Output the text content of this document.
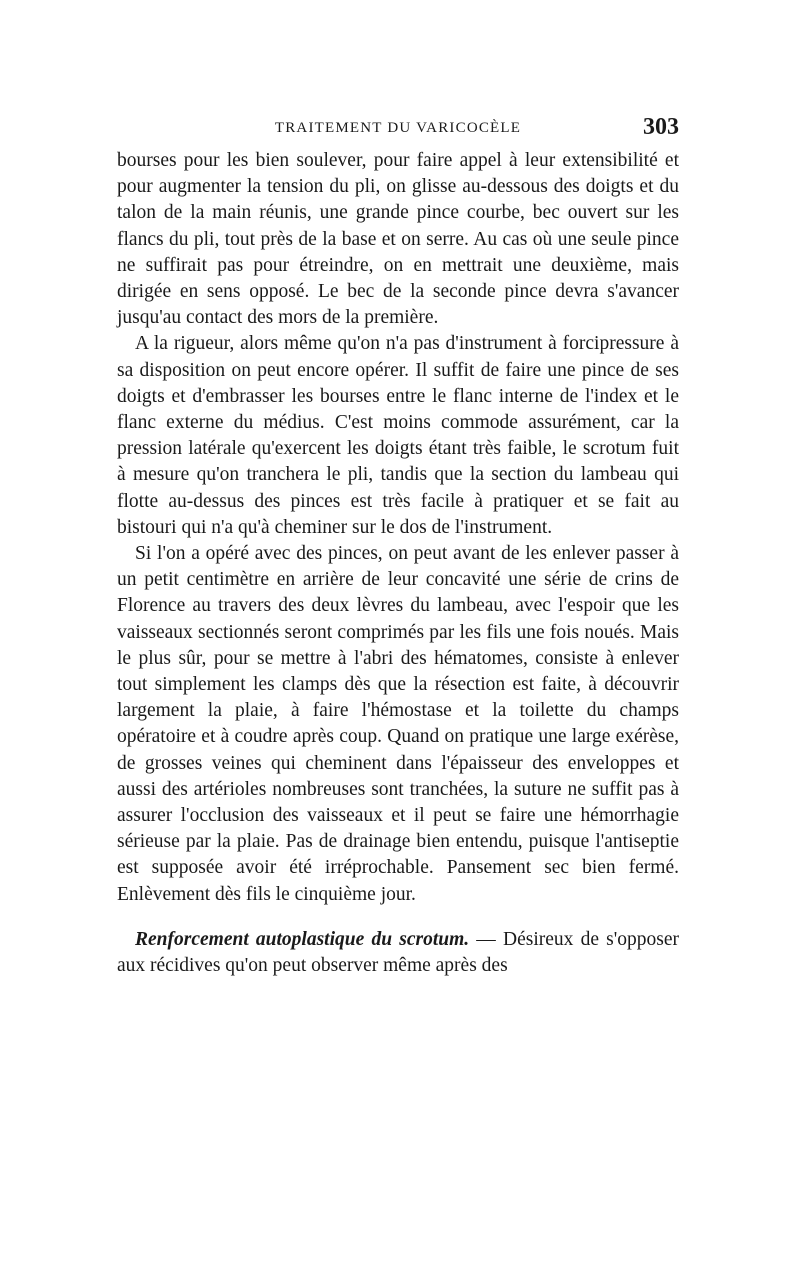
TRAITEMENT DU VARICOCÈLE	303

bourses pour les bien soulever, pour faire appel à leur extensibilité et pour augmenter la tension du pli, on glisse au-dessous des doigts et du talon de la main réunis, une grande pince courbe, bec ouvert sur les flancs du pli, tout près de la base et on serre. Au cas où une seule pince ne suffirait pas pour étreindre, on en mettrait une deuxième, mais dirigée en sens opposé. Le bec de la seconde pince devra s'avancer jusqu'au contact des mors de la première.

A la rigueur, alors même qu'on n'a pas d'instrument à forcipressure à sa disposition on peut encore opérer. Il suffit de faire une pince de ses doigts et d'embrasser les bourses entre le flanc interne de l'index et le flanc externe du médius. C'est moins commode assurément, car la pression latérale qu'exercent les doigts étant très faible, le scrotum fuit à mesure qu'on tranchera le pli, tandis que la section du lambeau qui flotte au-dessus des pinces est très facile à pratiquer et se fait au bistouri qui n'a qu'à cheminer sur le dos de l'instrument.

Si l'on a opéré avec des pinces, on peut avant de les enlever passer à un petit centimètre en arrière de leur concavité une série de crins de Florence au travers des deux lèvres du lambeau, avec l'espoir que les vaisseaux sectionnés seront comprimés par les fils une fois noués. Mais le plus sûr, pour se mettre à l'abri des hématomes, consiste à enlever tout simplement les clamps dès que la résection est faite, à découvrir largement la plaie, à faire l'hémostase et la toilette du champs opératoire et à coudre après coup. Quand on pratique une large exérèse, de grosses veines qui cheminent dans l'épaisseur des enveloppes et aussi des artérioles nombreuses sont tranchées, la suture ne suffit pas à assurer l'occlusion des vaisseaux et il peut se faire une hémorrhagie sérieuse par la plaie. Pas de drainage bien entendu, puisque l'antiseptie est supposée avoir été irréprochable. Pansement sec bien fermé. Enlèvement dès fils le cinquième jour.

Renforcement autoplastique du scrotum. — Désireux de s'opposer aux récidives qu'on peut observer même après des
